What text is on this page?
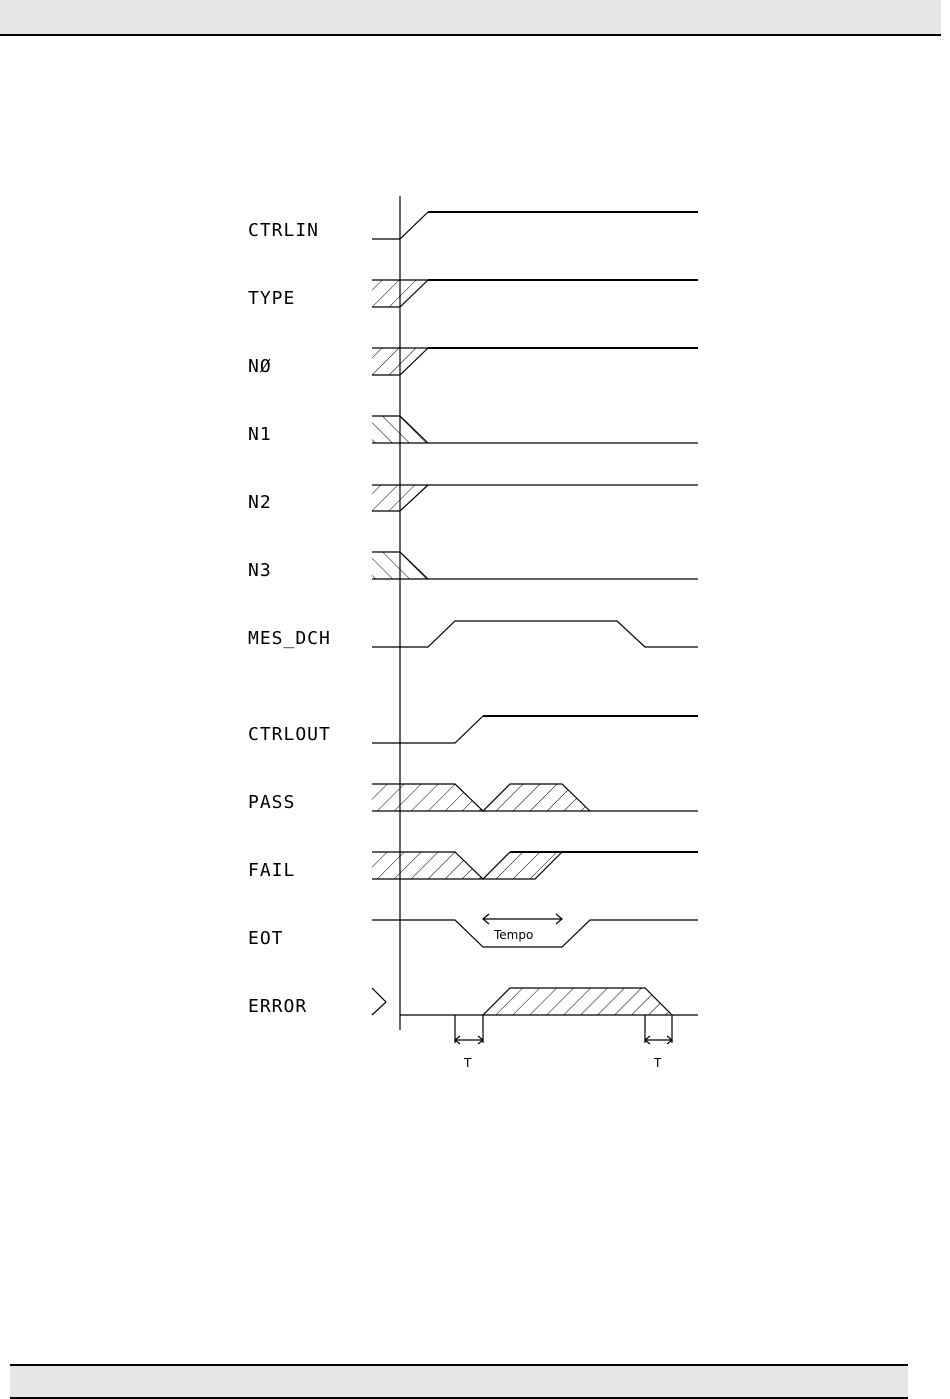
CTRLIN
TYPE
NØ
N1
N2
N3
MES_DCH
CTRLOUT
PASS
FAIL
EOT
ERROR
Tempo
T	T
